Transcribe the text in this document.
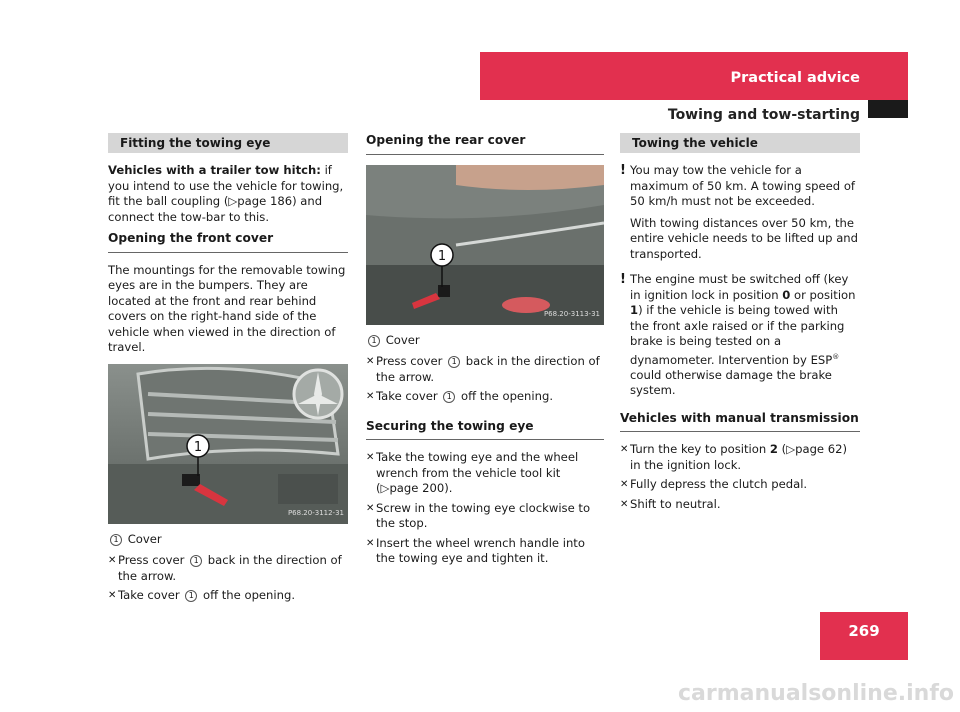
Practical advice
Towing and tow-starting
269
Fitting the towing eye

Vehicles with a trailer tow hitch: if you intend to use the vehicle for towing, fit the ball coupling (▷page 186) and connect the tow-bar to this.

Opening the front cover

The mountings for the removable towing eyes are in the bumpers. They are located at the front and rear behind covers on the right-hand side of the vehicle when viewed in the direction of travel.

1
P68.20-3112-31

1 Cover

✕ Press cover 1 back in the direction of the arrow.
✕ Take cover 1 off the opening.
Opening the rear cover
1
P68.20-3113-31

1 Cover

✕ Press cover 1 back in the direction of the arrow.
✕ Take cover 1 off the opening.
Securing the towing eye
✕ Take the towing eye and the wheel wrench from the vehicle tool kit (▷page 200).
✕ Screw in the towing eye clockwise to the stop.
✕ Insert the wheel wrench handle into the towing eye and tighten it.
Towing the vehicle
! You may tow the vehicle for a maximum of 50 km. A towing speed of 50 km/h must not be exceeded.

With towing distances over 50 km, the entire vehicle needs to be lifted up and transported.

! The engine must be switched off (key in ignition lock in position 0 or position 1) if the vehicle is being towed with the front axle raised or if the parking brake is being tested on a dynamometer. Intervention by ESP® could otherwise damage the brake system.

Vehicles with manual transmission
✕ Turn the key to position 2 (▷page 62) in the ignition lock.
✕ Fully depress the clutch pedal.
✕ Shift to neutral.
carmanualsonline.info
